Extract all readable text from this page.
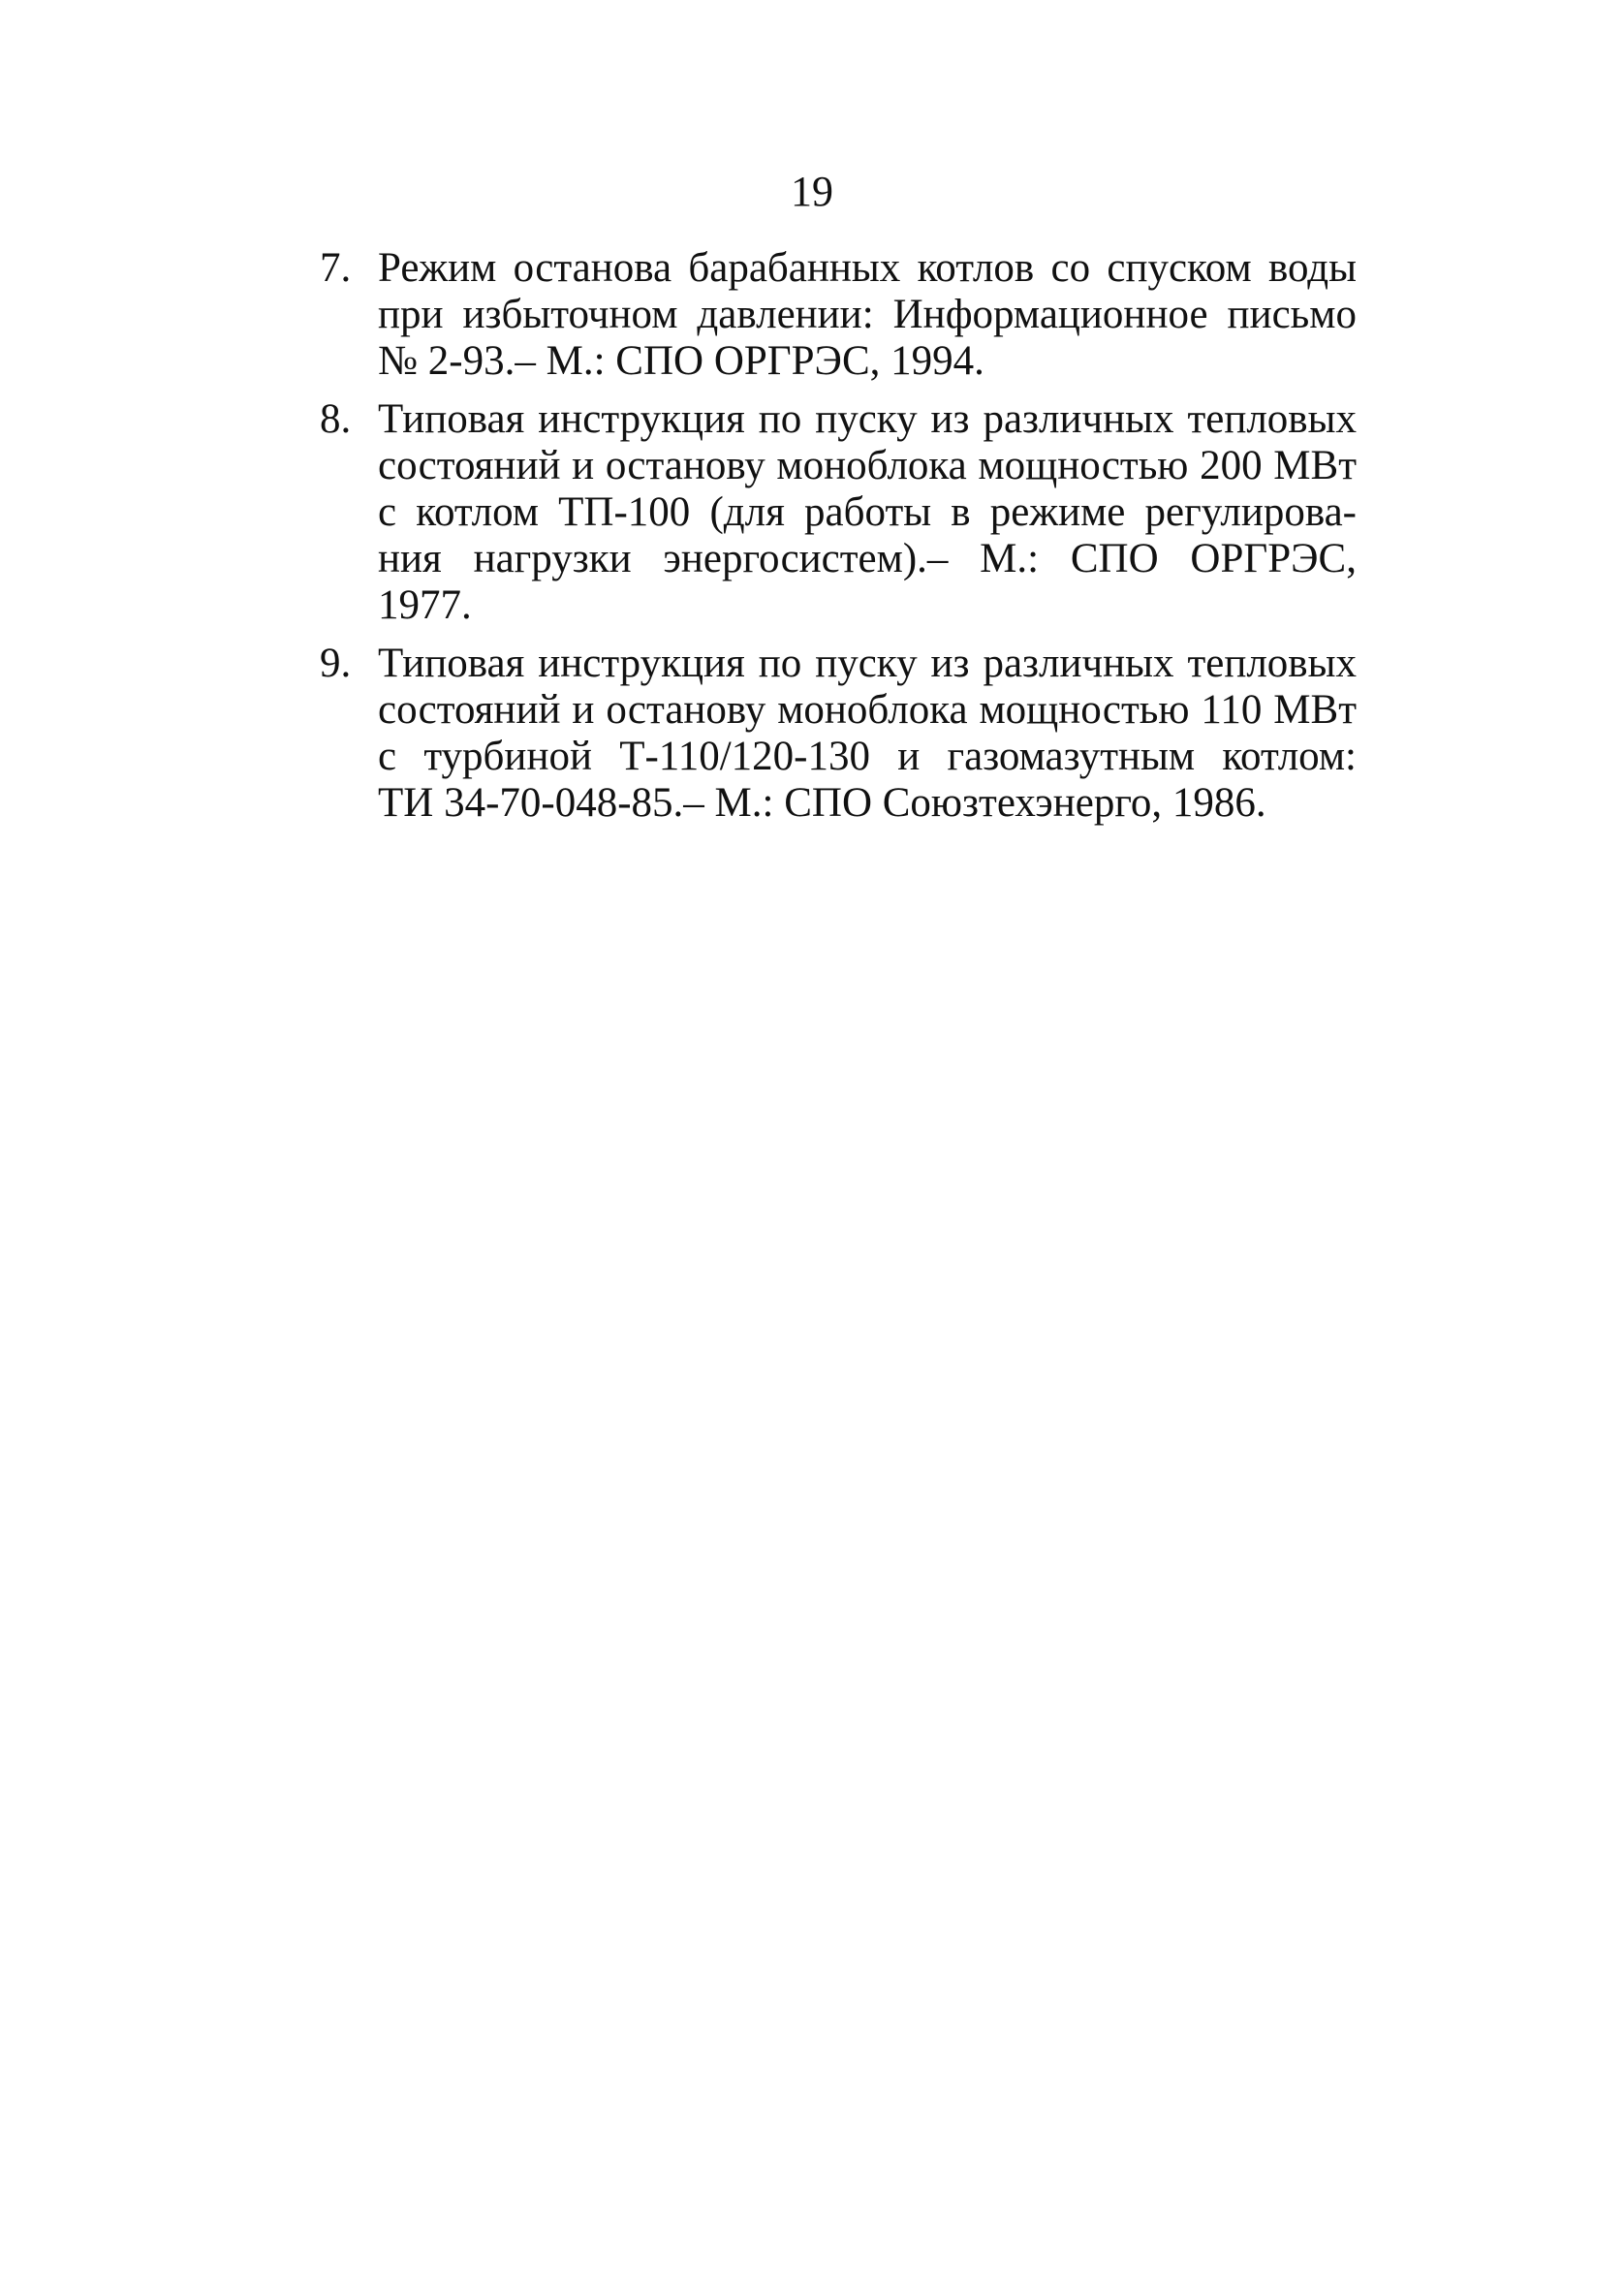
19
7. Режим останова барабанных котлов со спуском воды
при избыточном давлении: Информационное письмо
№ 2-93.– М.: СПО ОРГРЭС, 1994.
8. Типовая инструкция по пуску из различных тепловых
состояний и останову моноблока мощностью 200 МВт
с котлом ТП-100 (для работы в режиме регулирова-
ния нагрузки энергосистем).– М.: СПО ОРГРЭС,
1977.
9. Типовая инструкция по пуску из различных тепловых
состояний и останову моноблока мощностью 110 МВт
с турбиной Т-110/120-130 и газомазутным котлом:
ТИ 34-70-048-85.– М.: СПО Союзтехэнерго, 1986.
